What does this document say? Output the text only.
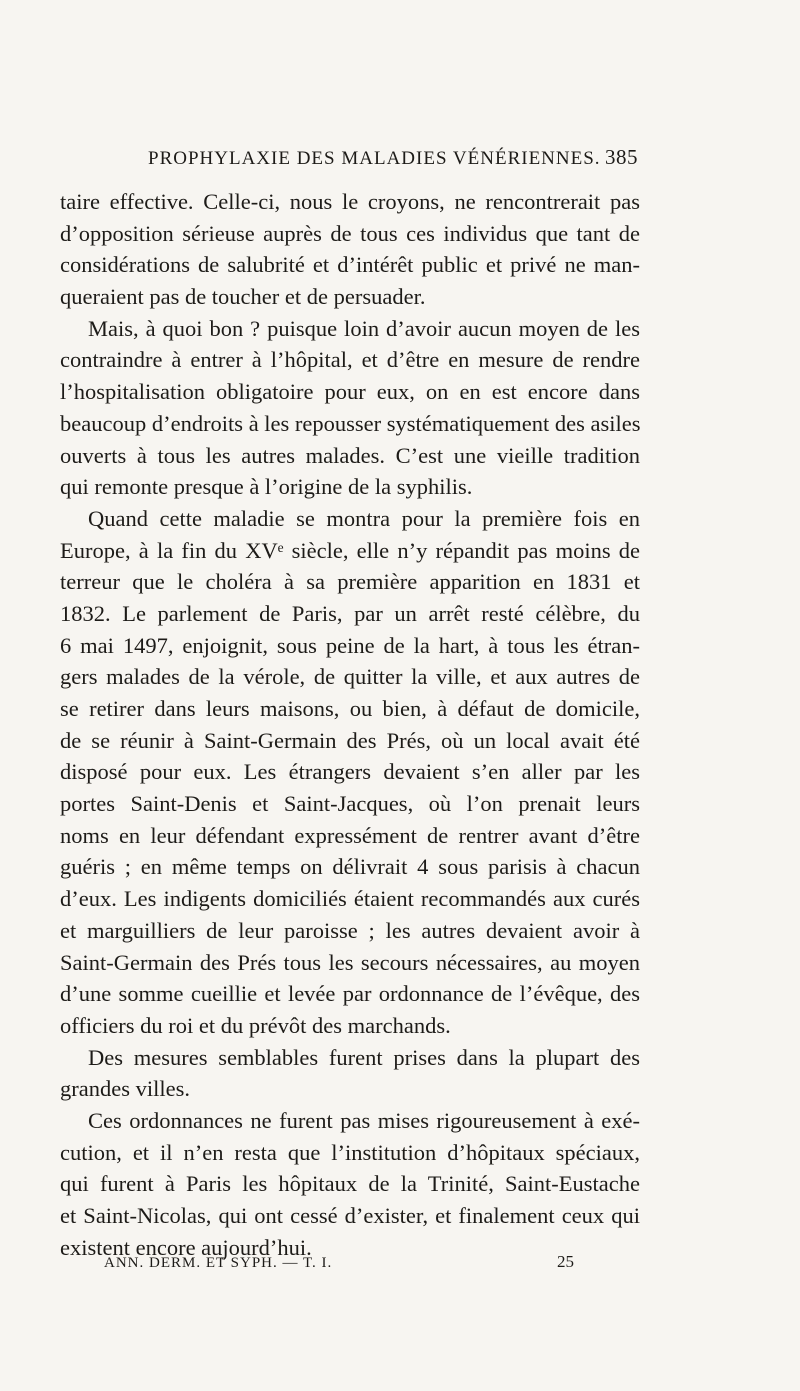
PROPHYLAXIE DES MALADIES VÉNÉRIENNES. 385
taire effective. Celle-ci, nous le croyons, ne rencontrerait pas
d’opposition sérieuse auprès de tous ces individus que tant de
considérations de salubrité et d’intérêt public et privé ne man-
queraient pas de toucher et de persuader.
Mais, à quoi bon ? puisque loin d’avoir aucun moyen de les
contraindre à entrer à l’hôpital, et d’être en mesure de rendre
l’hospitalisation obligatoire pour eux, on en est encore dans
beaucoup d’endroits à les repousser systématiquement des asiles
ouverts à tous les autres malades. C’est une vieille tradition
qui remonte presque à l’origine de la syphilis.
Quand cette maladie se montra pour la première fois en
Europe, à la fin du XVᵉ siècle, elle n’y répandit pas moins de
terreur que le choléra à sa première apparition en 1831 et
1832. Le parlement de Paris, par un arrêt resté célèbre, du
6 mai 1497, enjoignit, sous peine de la hart, à tous les étran-
gers malades de la vérole, de quitter la ville, et aux autres de
se retirer dans leurs maisons, ou bien, à défaut de domicile,
de se réunir à Saint-Germain des Prés, où un local avait été
disposé pour eux. Les étrangers devaient s’en aller par les
portes Saint-Denis et Saint-Jacques, où l’on prenait leurs
noms en leur défendant expressément de rentrer avant d’être
guéris ; en même temps on délivrait 4 sous parisis à chacun
d’eux. Les indigents domiciliés étaient recommandés aux curés
et marguilliers de leur paroisse ; les autres devaient avoir à
Saint-Germain des Prés tous les secours nécessaires, au moyen
d’une somme cueillie et levée par ordonnance de l’évêque, des
officiers du roi et du prévôt des marchands.
Des mesures semblables furent prises dans la plupart des
grandes villes.
Ces ordonnances ne furent pas mises rigoureusement à exé-
cution, et il n’en resta que l’institution d’hôpitaux spéciaux,
qui furent à Paris les hôpitaux de la Trinité, Saint-Eustache
et Saint-Nicolas, qui ont cessé d’exister, et finalement ceux qui
existent encore aujourd’hui.
ANN. DERM. ET SYPH. — T. I.	25
